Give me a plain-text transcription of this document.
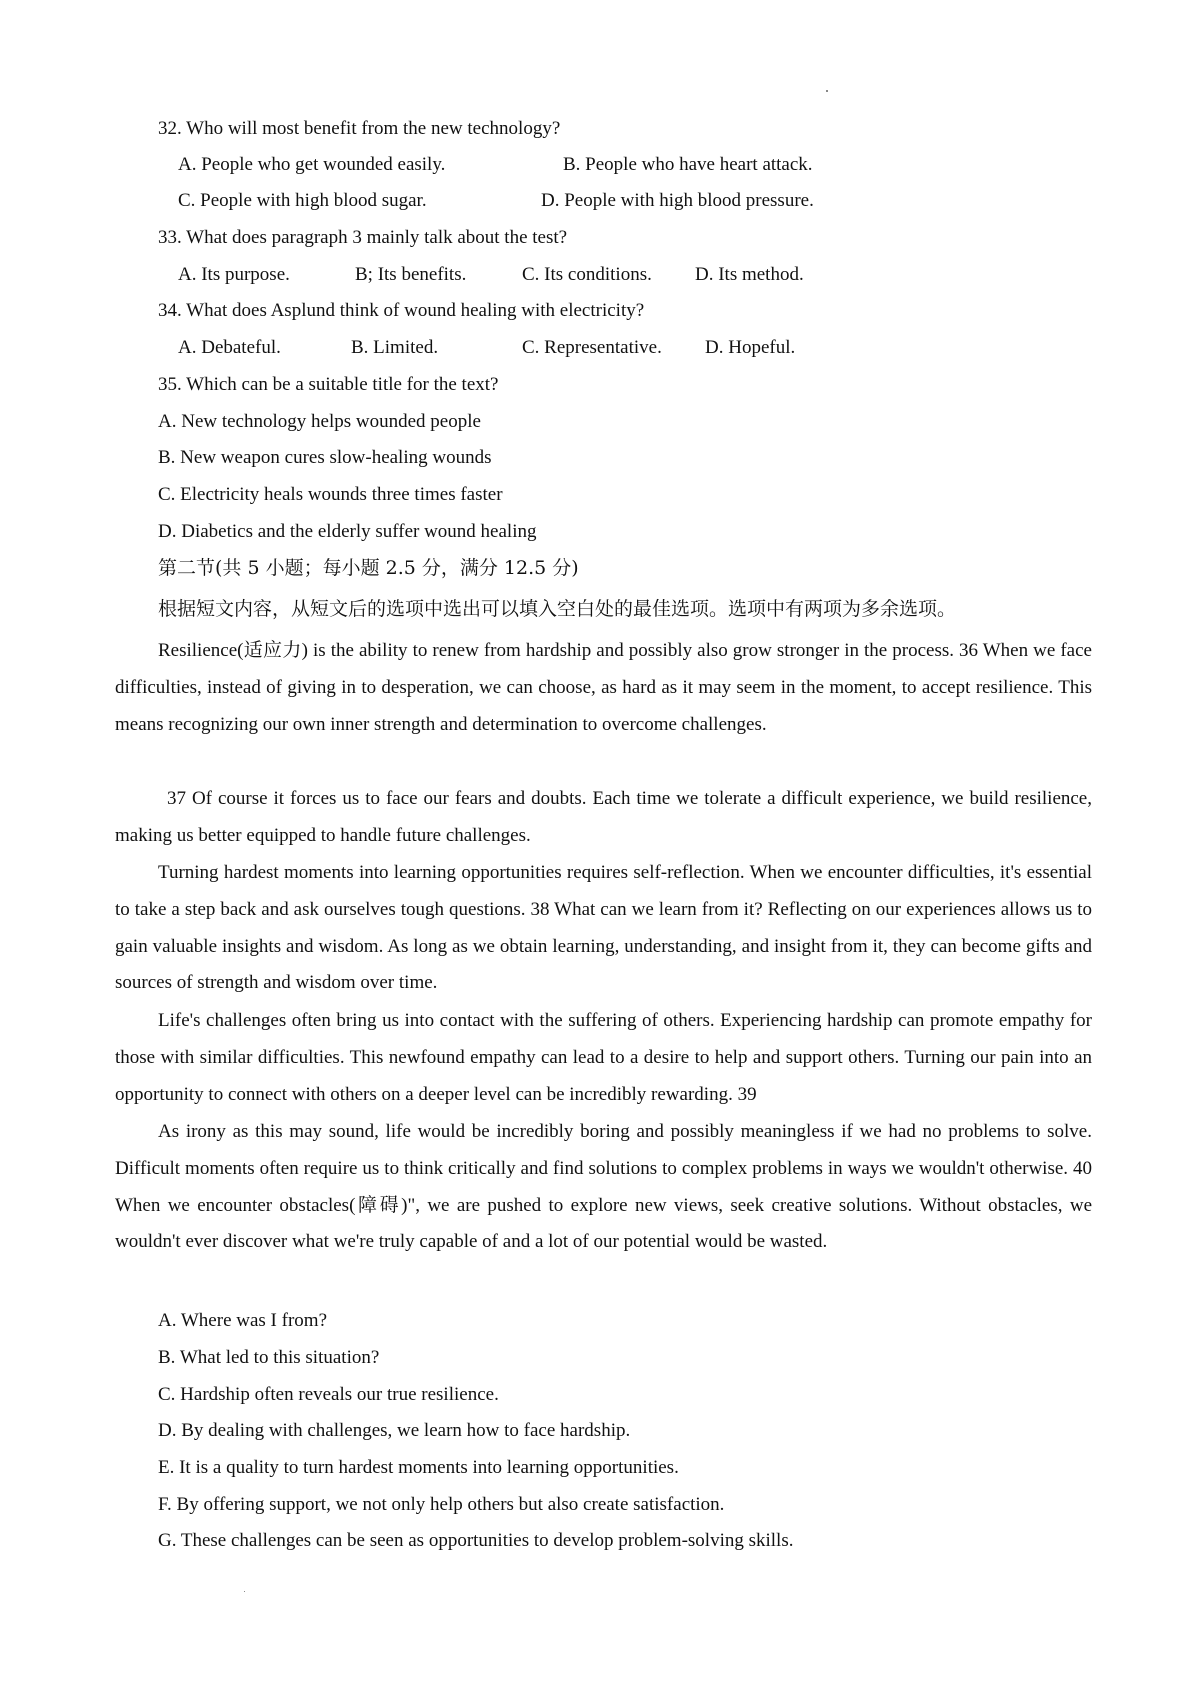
32. Who will most benefit from the new technology?
A. People who get wounded easily.	B. People who have heart attack.
C. People with high blood sugar.	D. People with high blood pressure.
33. What does paragraph 3 mainly talk about the test?
A. Its purpose.	B; Its benefits.	C. Its conditions. D. Its method.
34. What does Asplund think of wound healing with electricity?
A. Debateful.	B. Limited.	C. Representative. D. Hopeful.
35. Which can be a suitable title for the text?
A. New technology helps wounded people
B. New weapon cures slow-healing wounds
C. Electricity heals wounds three times faster
D. Diabetics and the elderly suffer wound healing
第二节(共 5 小题；每小题 2.5 分，满分 12.5 分)
根据短文内容，从短文后的选项中选出可以填入空白处的最佳选项。选项中有两项为多余选项。

Resilience(适应力) is the ability to renew from hardship and possibly also grow stronger in the process. 36 When we face difficulties, instead of giving in to desperation, we can choose, as hard as it may seem in the moment, to accept resilience. This means recognizing our own inner strength and determination to overcome challenges.

37 Of course it forces us to face our fears and doubts. Each time we tolerate a difficult experience, we build resilience, making us better equipped to handle future challenges.

Turning hardest moments into learning opportunities requires self-reflection. When we encounter difficulties, it's essential to take a step back and ask ourselves tough questions. 38 What can we learn from it? Reflecting on our experiences allows us to gain valuable insights and wisdom. As long as we obtain learning, understanding, and insight from it, they can become gifts and sources of strength and wisdom over time.

Life's challenges often bring us into contact with the suffering of others. Experiencing hardship can promote empathy for those with similar difficulties. This newfound empathy can lead to a desire to help and support others. Turning our pain into an opportunity to connect with others on a deeper level can be incredibly rewarding. 39

As irony as this may sound, life would be incredibly boring and possibly meaningless if we had no problems to solve. Difficult moments often require us to think critically and find solutions to complex problems in ways we wouldn't otherwise. 40 When we encounter obstacles(障碍)", we are pushed to explore new views, seek creative solutions. Without obstacles, we wouldn't ever discover what we're truly capable of and a lot of our potential would be wasted.

A. Where was I from?
B. What led to this situation?
C. Hardship often reveals our true resilience.
D. By dealing with challenges, we learn how to face hardship.
E. It is a quality to turn hardest moments into learning opportunities.
F. By offering support, we not only help others but also create satisfaction.
G. These challenges can be seen as opportunities to develop problem-solving skills.
